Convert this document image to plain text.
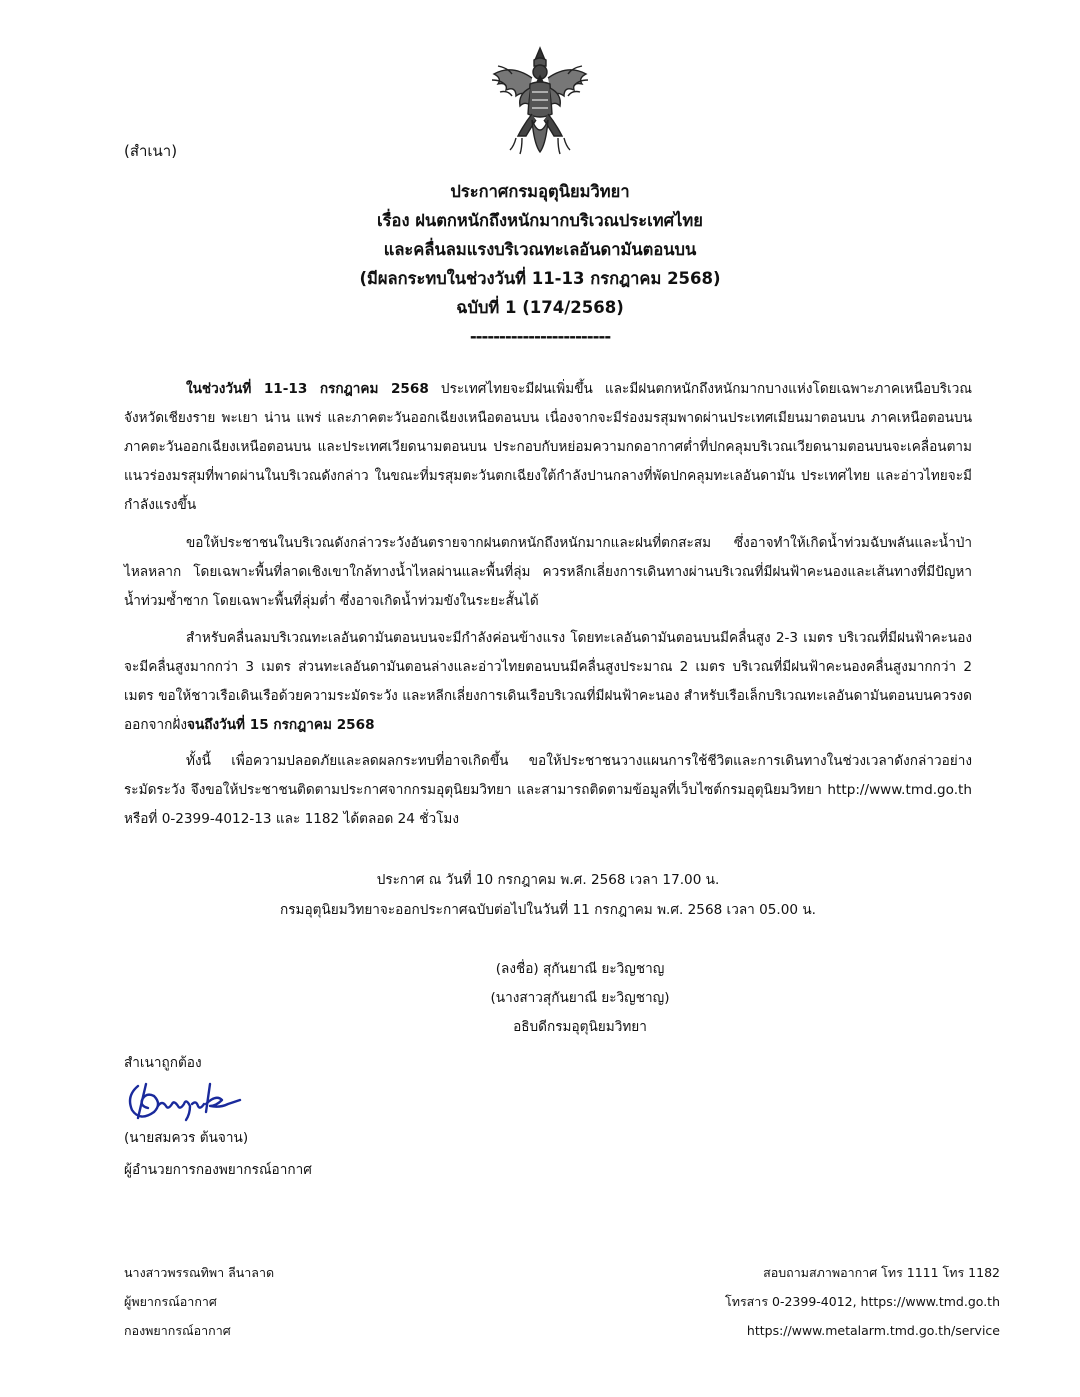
(สำเนา)
ประกาศกรมอุตุนิยมวิทยา
เรื่อง ฝนตกหนักถึงหนักมากบริเวณประเทศไทย
และคลื่นลมแรงบริเวณทะเลอันดามันตอนบน
(มีผลกระทบในช่วงวันที่ 11-13 กรกฎาคม 2568)
ฉบับที่ 1 (174/2568)
------------------------

ในช่วงวันที่ 11-13 กรกฎาคม 2568 ประเทศไทยจะมีฝนเพิ่มขึ้น และมีฝนตกหนักถึงหนักมากบางแห่งโดยเฉพาะภาคเหนือบริเวณจังหวัดเชียงราย พะเยา น่าน แพร่ และภาคตะวันออกเฉียงเหนือตอนบน เนื่องจากจะมีร่องมรสุมพาดผ่านประเทศเมียนมาตอนบน ภาคเหนือตอนบน ภาคตะวันออกเฉียงเหนือตอนบน และประเทศเวียดนามตอนบน ประกอบกับหย่อมความกดอากาศต่ำที่ปกคลุมบริเวณเวียดนามตอนบนจะเคลื่อนตามแนวร่องมรสุมที่พาดผ่านในบริเวณดังกล่าว ในขณะที่มรสุมตะวันตกเฉียงใต้กำลังปานกลางที่พัดปกคลุมทะเลอันดามัน ประเทศไทย และอ่าวไทยจะมีกำลังแรงขึ้น

ขอให้ประชาชนในบริเวณดังกล่าวระวังอันตรายจากฝนตกหนักถึงหนักมากและฝนที่ตกสะสม ซึ่งอาจทำให้เกิดน้ำท่วมฉับพลันและน้ำป่าไหลหลาก โดยเฉพาะพื้นที่ลาดเชิงเขาใกล้ทางน้ำไหลผ่านและพื้นที่ลุ่ม ควรหลีกเลี่ยงการเดินทางผ่านบริเวณที่มีฝนฟ้าคะนองและเส้นทางที่มีปัญหาน้ำท่วมซ้ำซาก โดยเฉพาะพื้นที่ลุ่มต่ำ ซึ่งอาจเกิดน้ำท่วมขังในระยะสั้นได้

สำหรับคลื่นลมบริเวณทะเลอันดามันตอนบนจะมีกำลังค่อนข้างแรง โดยทะเลอันดามันตอนบนมีคลื่นสูง 2-3 เมตร บริเวณที่มีฝนฟ้าคะนองจะมีคลื่นสูงมากกว่า 3 เมตร ส่วนทะเลอันดามันตอนล่างและอ่าวไทยตอนบนมีคลื่นสูงประมาณ 2 เมตร บริเวณที่มีฝนฟ้าคะนองคลื่นสูงมากกว่า 2 เมตร ขอให้ชาวเรือเดินเรือด้วยความระมัดระวัง และหลีกเลี่ยงการเดินเรือบริเวณที่มีฝนฟ้าคะนอง สำหรับเรือเล็กบริเวณทะเลอันดามันตอนบนควรงดออกจากฝั่งจนถึงวันที่ 15 กรกฎาคม 2568

ทั้งนี้ เพื่อความปลอดภัยและลดผลกระทบที่อาจเกิดขึ้น ขอให้ประชาชนวางแผนการใช้ชีวิตและการเดินทางในช่วงเวลาดังกล่าวอย่างระมัดระวัง จึงขอให้ประชาชนติดตามประกาศจากกรมอุตุนิยมวิทยา และสามารถติดตามข้อมูลที่เว็บไซต์กรมอุตุนิยมวิทยา http://www.tmd.go.th หรือที่ 0-2399-4012-13 และ 1182 ได้ตลอด 24 ชั่วโมง

ประกาศ ณ วันที่ 10 กรกฎาคม พ.ศ. 2568 เวลา 17.00 น.
กรมอุตุนิยมวิทยาจะออกประกาศฉบับต่อไปในวันที่ 11 กรกฎาคม พ.ศ. 2568 เวลา 05.00 น.
(ลงชื่อ) สุกันยาณี ยะวิญชาญ
(นางสาวสุกันยาณี ยะวิญชาญ)
อธิบดีกรมอุตุนิยมวิทยา
สำเนาถูกต้อง
(นายสมควร ต้นจาน)
ผู้อำนวยการกองพยากรณ์อากาศ
นางสาวพรรณทิพา ลีนาลาด
ผู้พยากรณ์อากาศ
กองพยากรณ์อากาศ
สอบถามสภาพอากาศ โทร 1111 โทร 1182
โทรสาร 0-2399-4012, https://www.tmd.go.th
https://www.metalarm.tmd.go.th/service
